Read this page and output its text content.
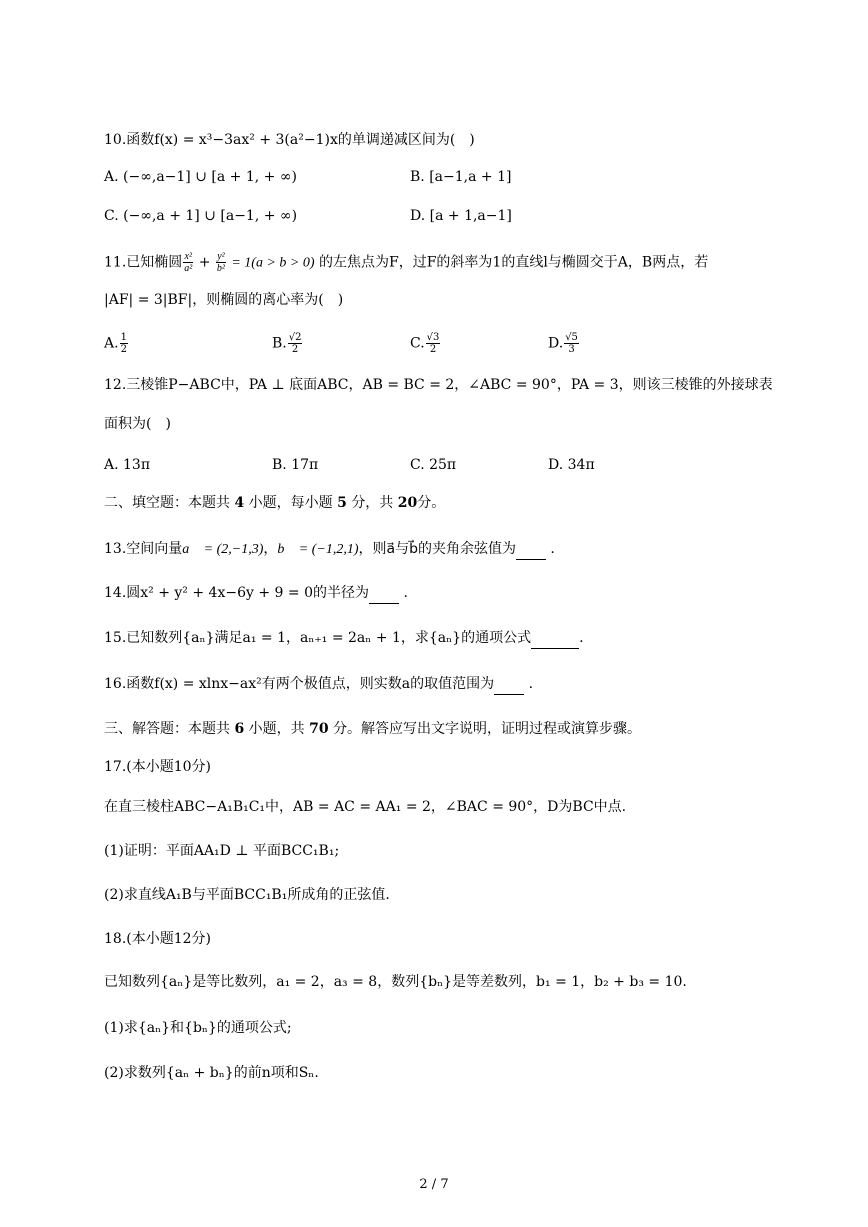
10.函数f(x) = x³−3ax² + 3(a²−1)x的单调递减区间为(　)
A. (−∞,a−1] ∪ [a + 1, + ∞)	B. [a−1,a + 1]
C. (−∞,a + 1] ∪ [a−1, + ∞)	D. [a + 1,a−1]
11.已知椭圆 $\frac{\text{x²}}{\text{a²}} + \frac{\text{y²}}{\text{b²}} = 1(a > b > 0)$ 的左焦点为F，过F的斜率为1的直线l与椭圆交于A，B两点，若
|AF| = 3|BF|，则椭圆的离心率为(　)
A. $\frac{1}{2}$	B. $\frac{√2}{2}$	C. $\frac{√3}{2}$	D. $\frac{√5}{3}$
12.三棱锥P−ABC中，PA ⊥ 底面ABC，AB = BC = 2，∠ABC = 90°，PA = 3，则该三棱锥的外接球表
面积为(　)
A. 13π	B. 17π	C. 25π	D. 34π
二、填空题：本题共 4 小题，每小题 5 分，共 20分。
13.空间向量a⃗ = (2,−1,3)，b⃗ = (−1,2,1)，则a⃗与b⃗的夹角余弦值为 .
14.圆x² + y² + 4x−6y + 9 = 0的半径为 .
15.已知数列{aₙ}满足a₁ = 1，aₙ₊₁ = 2aₙ + 1，求{aₙ}的通项公式	.
16.函数f(x) = xlnx−ax²有两个极值点，则实数a的取值范围为 .
三、解答题：本题共 6 小题，共 70 分。解答应写出文字说明，证明过程或演算步骤。
17.(本小题10分)
在直三棱柱ABC−A₁B₁C₁中，AB = AC = AA₁ = 2，∠BAC = 90°，D为BC中点.
(1)证明：平面AA₁D ⊥ 平面BCC₁B₁;
(2)求直线A₁B与平面BCC₁B₁所成角的正弦值.
18.(本小题12分)
已知数列{aₙ}是等比数列，a₁ = 2，a₃ = 8，数列{bₙ}是等差数列，b₁ = 1，b₂ + b₃ = 10.
(1)求{aₙ}和{bₙ}的通项公式;
(2)求数列{aₙ + bₙ}的前n项和Sₙ.
2 / 7
